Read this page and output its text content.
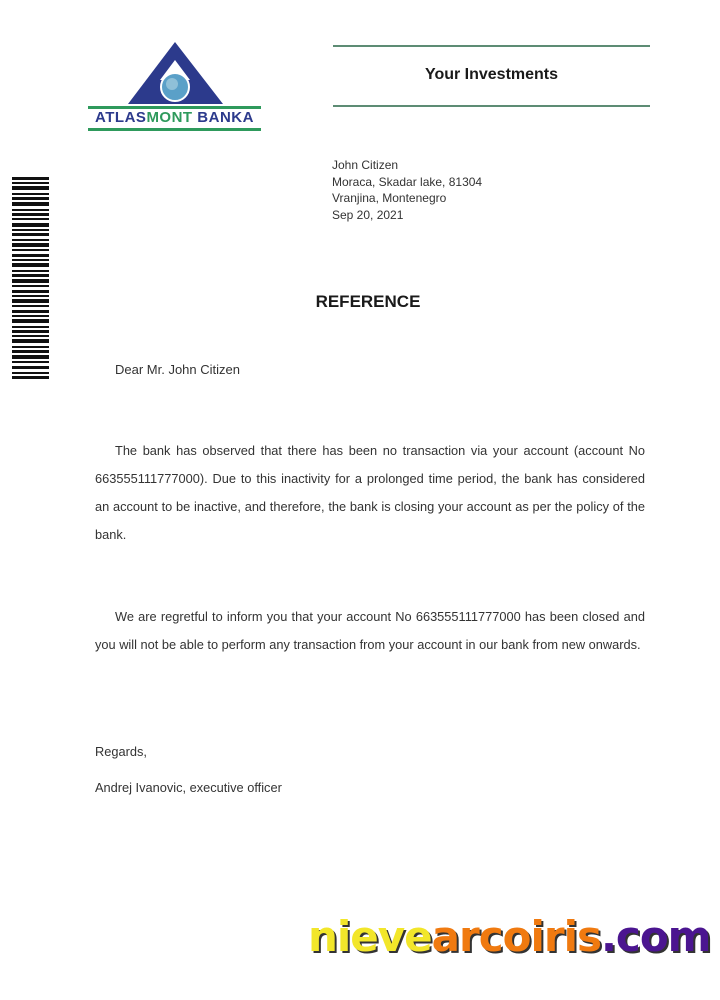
ATLASMONT BANKA
Your Investments
John Citizen
Moraca, Skadar lake, 81304
Vranjina, Montenegro
Sep 20, 2021
REFERENCE
Dear Mr. John Citizen

The bank has observed that there has been no transaction via your account (account No 663555111777000). Due to this inactivity for a prolonged time period, the bank has considered an account to be inactive, and therefore, the bank is closing your account as per the policy of the bank.

We are regretful to inform you that your account No 663555111777000 has been closed and you will not be able to perform any transaction from your account in our bank from new onwards.

Regards,
Andrej Ivanovic, executive officer
nievearcoiris.com
